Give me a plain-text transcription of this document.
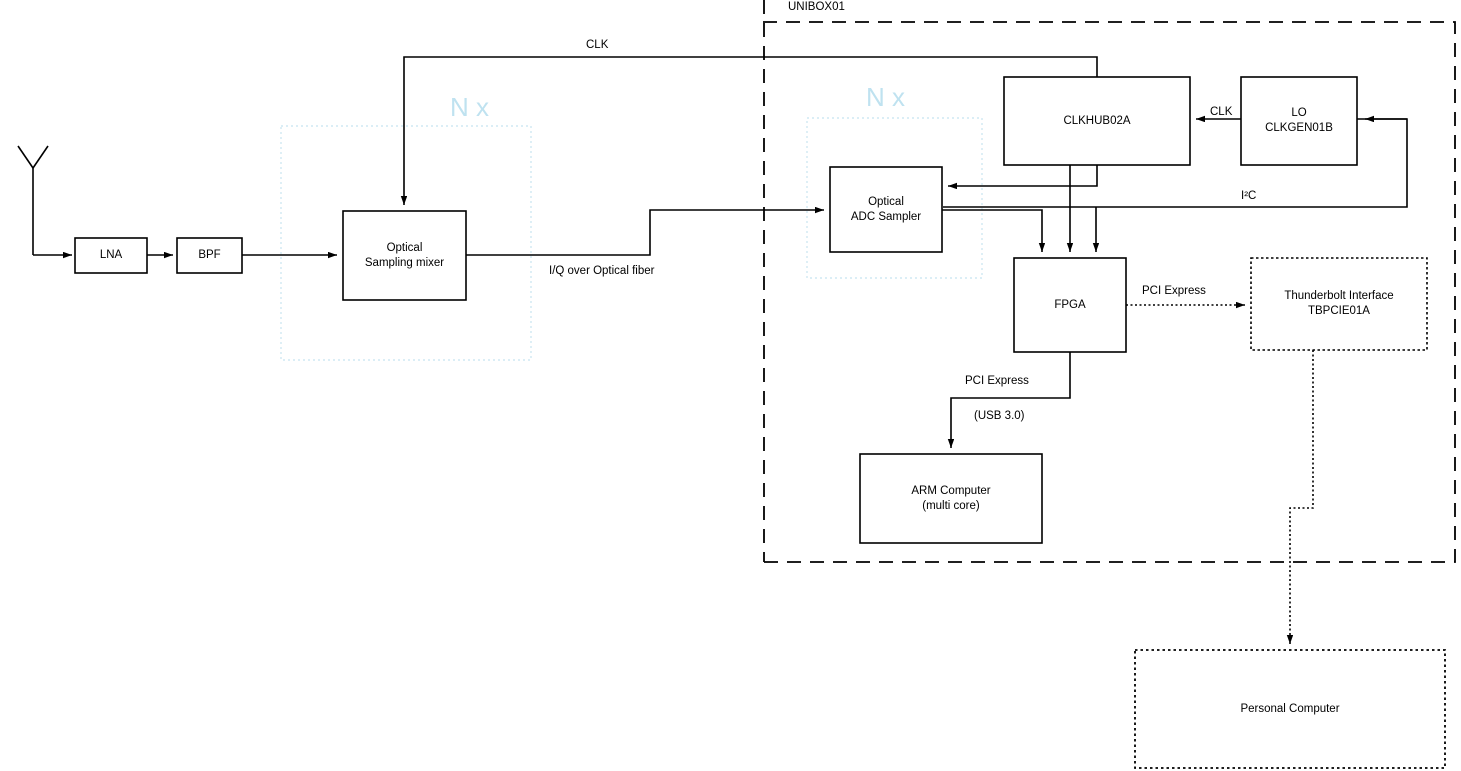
UNIBOX01
N x	N x
LNA	BPF
Optical
Sampling mixer
Optical
ADC Sampler
CLKHUB02A
LO
CLKGEN01B
FPGA
Thunderbolt Interface
TBPCIE01A
ARM Computer
(multi core)
Personal Computer
CLK
CLK
I²C
I/Q over Optical fiber
PCI Express
PCI Express
(USB 3.0)
